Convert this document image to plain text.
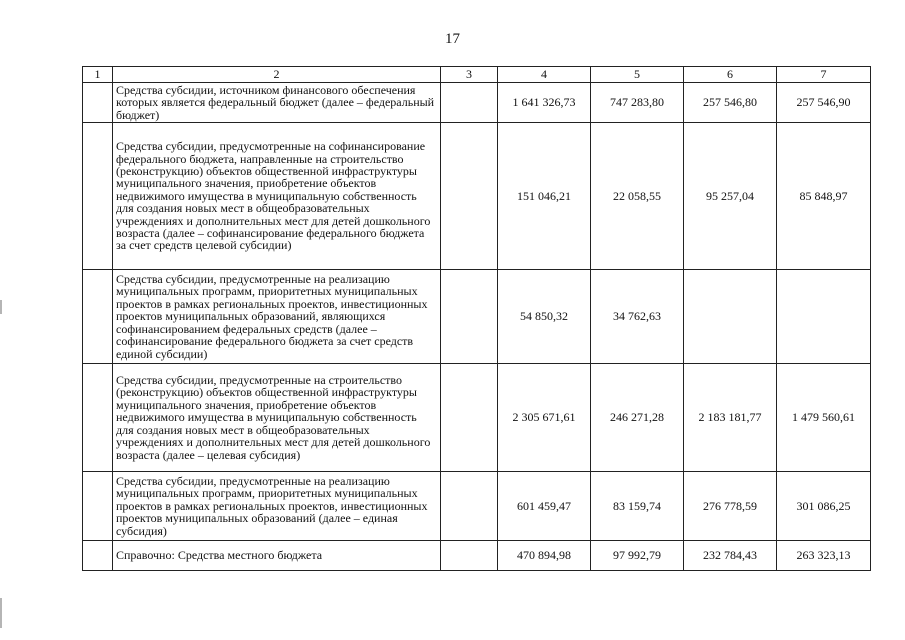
17
1	2	3	4	5	6	7
	Средства субсидии, источником финансового обеспечения которых является федеральный бюджет (далее – федеральный бюджет)		1 641 326,73	747 283,80	257 546,80	257 546,90
	Средства субсидии, предусмотренные на софинансирование федерального бюджета, направленные на строительство (реконструкцию) объектов общественной инфраструктуры муниципального значения, приобретение объектов недвижимого имущества в муниципальную собственность для создания новых мест в общеобразовательных учреждениях и дополнительных мест для детей дошкольного возраста (далее – софинансирование федерального бюджета за счет средств целевой субсидии)		151 046,21	22 058,55	95 257,04	85 848,97
	Средства субсидии, предусмотренные на реализацию муниципальных программ, приоритетных муниципальных проектов в рамках региональных проектов, инвестиционных проектов муниципальных образований, являющихся софинансированием федеральных средств (далее – софинансирование федерального бюджета за счет средств единой субсидии)		54 850,32	34 762,63		
	Средства субсидии, предусмотренные на строительство (реконструкцию) объектов общественной инфраструктуры муниципального значения, приобретение объектов недвижимого имущества в муниципальную собственность для создания новых мест в общеобразовательных учреждениях и дополнительных мест для детей дошкольного возраста (далее – целевая субсидия)		2 305 671,61	246 271,28	2 183 181,77	1 479 560,61
	Средства субсидии, предусмотренные на реализацию муниципальных программ, приоритетных муниципальных проектов в рамках региональных проектов, инвестиционных проектов муниципальных образований (далее – единая субсидия)		601 459,47	83 159,74	276 778,59	301 086,25
	Справочно: Средства местного бюджета		470 894,98	97 992,79	232 784,43	263 323,13
